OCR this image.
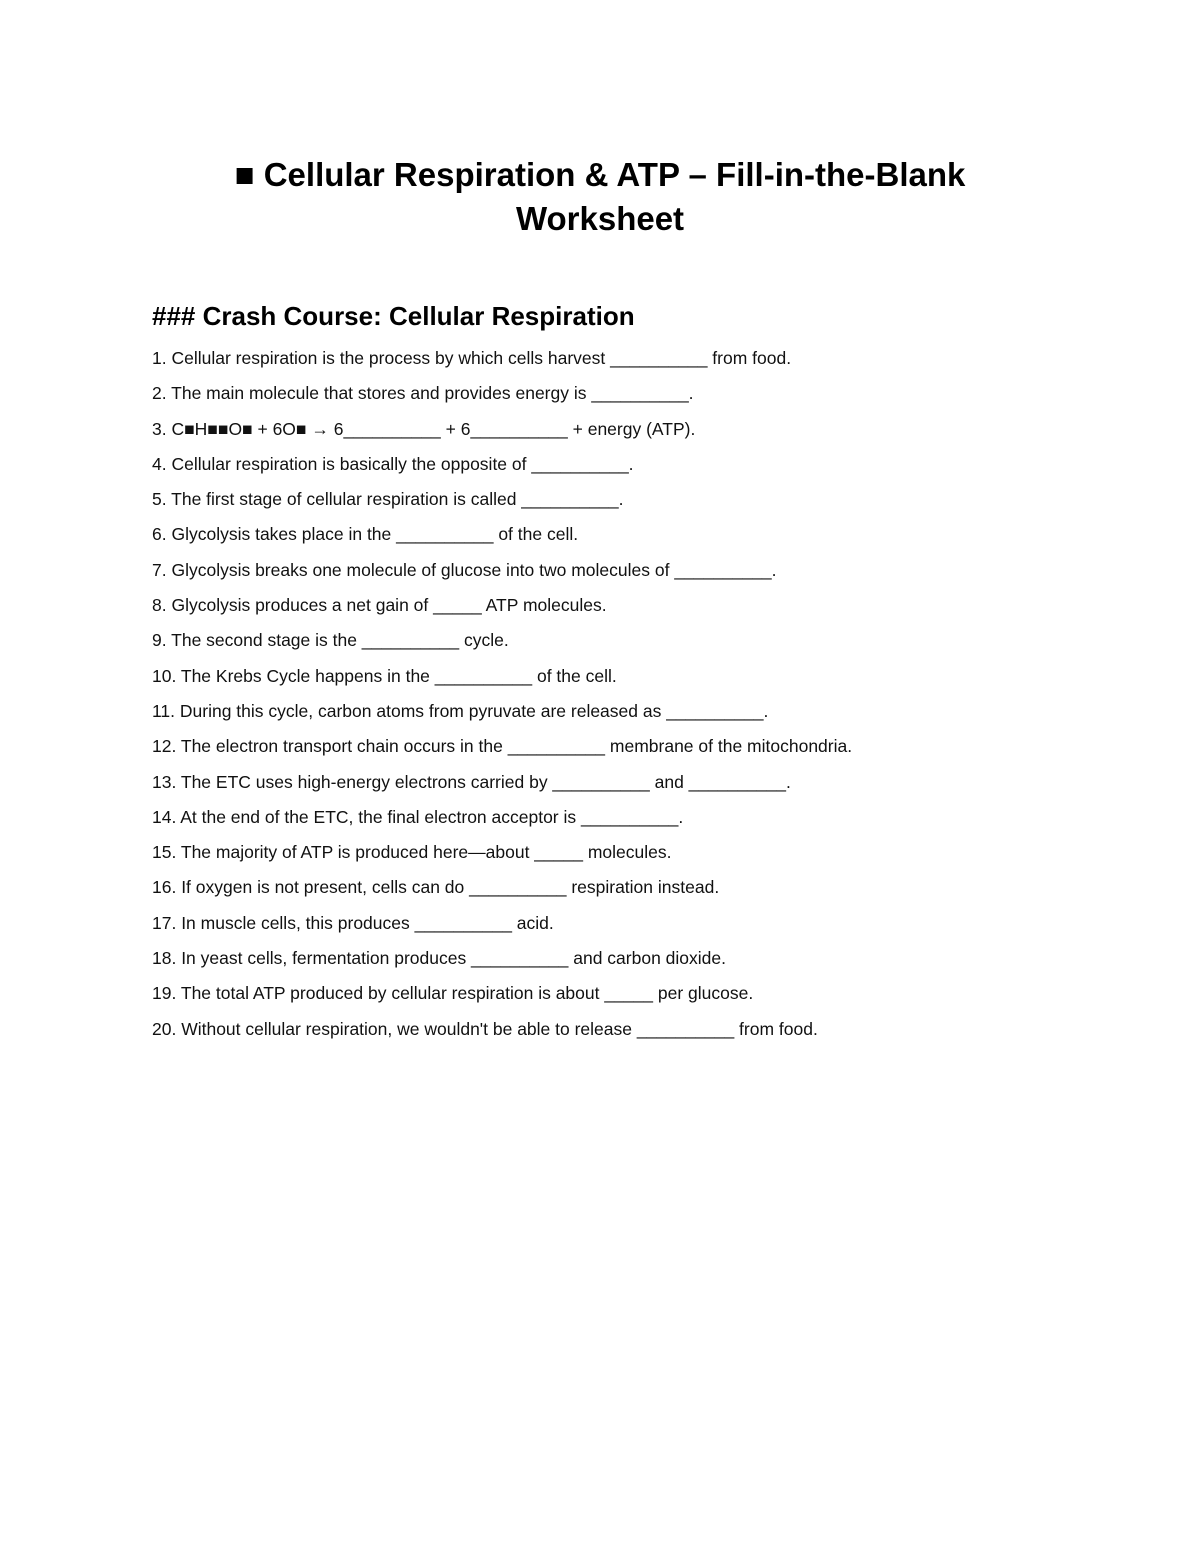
■ Cellular Respiration & ATP – Fill-in-the-Blank
Worksheet
### Crash Course: Cellular Respiration
1. Cellular respiration is the process by which cells harvest __________ from food.
2. The main molecule that stores and provides energy is __________.
3. C■H■■O■ + 6O■ → 6__________ + 6__________ + energy (ATP).
4. Cellular respiration is basically the opposite of __________.
5. The first stage of cellular respiration is called __________.
6. Glycolysis takes place in the __________ of the cell.
7. Glycolysis breaks one molecule of glucose into two molecules of __________.
8. Glycolysis produces a net gain of _____ ATP molecules.
9. The second stage is the __________ cycle.
10. The Krebs Cycle happens in the __________ of the cell.
11. During this cycle, carbon atoms from pyruvate are released as __________.
12. The electron transport chain occurs in the __________ membrane of the mitochondria.
13. The ETC uses high-energy electrons carried by __________ and __________.
14. At the end of the ETC, the final electron acceptor is __________.
15. The majority of ATP is produced here—about _____ molecules.
16. If oxygen is not present, cells can do __________ respiration instead.
17. In muscle cells, this produces __________ acid.
18. In yeast cells, fermentation produces __________ and carbon dioxide.
19. The total ATP produced by cellular respiration is about _____ per glucose.
20. Without cellular respiration, we wouldn't be able to release __________ from food.
